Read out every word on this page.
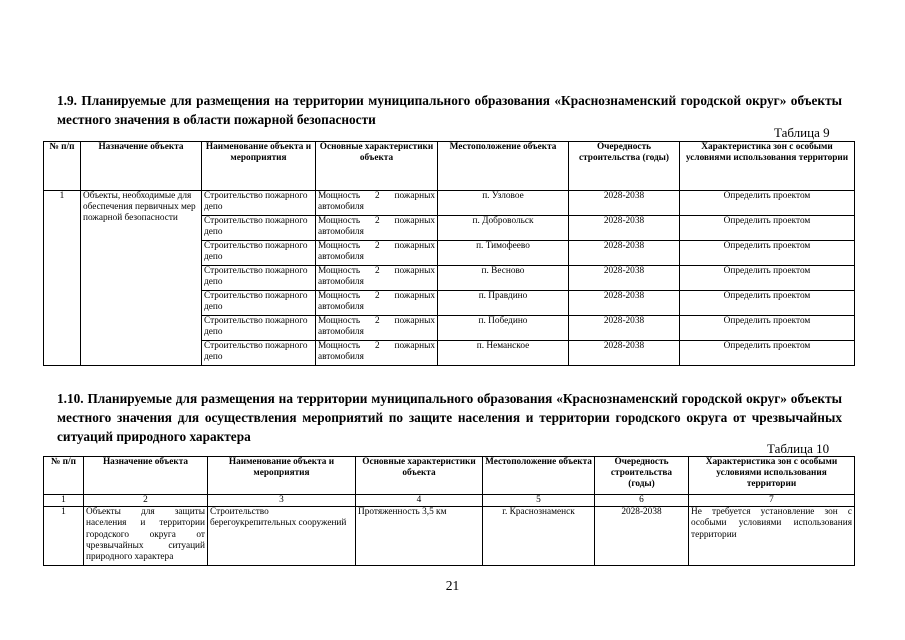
1.9. Планируемые для размещения на территории муниципального образования «Краснознаменский городской округ» объекты местного значения в области пожарной безопасности
Таблица 9
№ п/п	Назначение объекта	Наименование объекта и мероприятия	Основные характеристики объекта	Местоположение объекта	Очередность строительства (годы)	Характеристика зон с особыми условиями использования территории
1	Объекты, необходимые для обеспечения первичных мер пожарной безопасности	Строительство пожарного депо	Мощность 2 пожарных автомобиля	п. Узловое	2028-2038	Определить проектом
		Строительство пожарного депо	Мощность 2 пожарных автомобиля	п. Добровольск	2028-2038	Определить проектом
		Строительство пожарного депо	Мощность 2 пожарных автомобиля	п. Тимофеево	2028-2038	Определить проектом
		Строительство пожарного депо	Мощность 2 пожарных автомобиля	п. Весново	2028-2038	Определить проектом
		Строительство пожарного депо	Мощность 2 пожарных автомобиля	п. Правдино	2028-2038	Определить проектом
		Строительство пожарного депо	Мощность 2 пожарных автомобиля	п. Победино	2028-2038	Определить проектом
		Строительство пожарного депо	Мощность 2 пожарных автомобиля	п. Неманское	2028-2038	Определить проектом
1.10. Планируемые для размещения на территории муниципального образования «Краснознаменский городской округ» объекты местного значения для осуществления мероприятий по защите населения и территории городского округа от чрезвычайных ситуаций природного характера
Таблица 10
№ п/п	Назначение объекта	Наименование объекта и мероприятия	Основные характеристики объекта	Местоположение объекта	Очередность строительства (годы)	Характеристика зон с особыми условиями использования территории
1	2	3	4	5	6	7
1	Объекты для защиты населения и территории городского округа от чрезвычайных ситуаций природного характера	Строительство берегоукрепительных сооружений	Протяженность 3,5 км	г. Краснознаменск	2028-2038	Не требуется установление зон с особыми условиями использования территории
21
